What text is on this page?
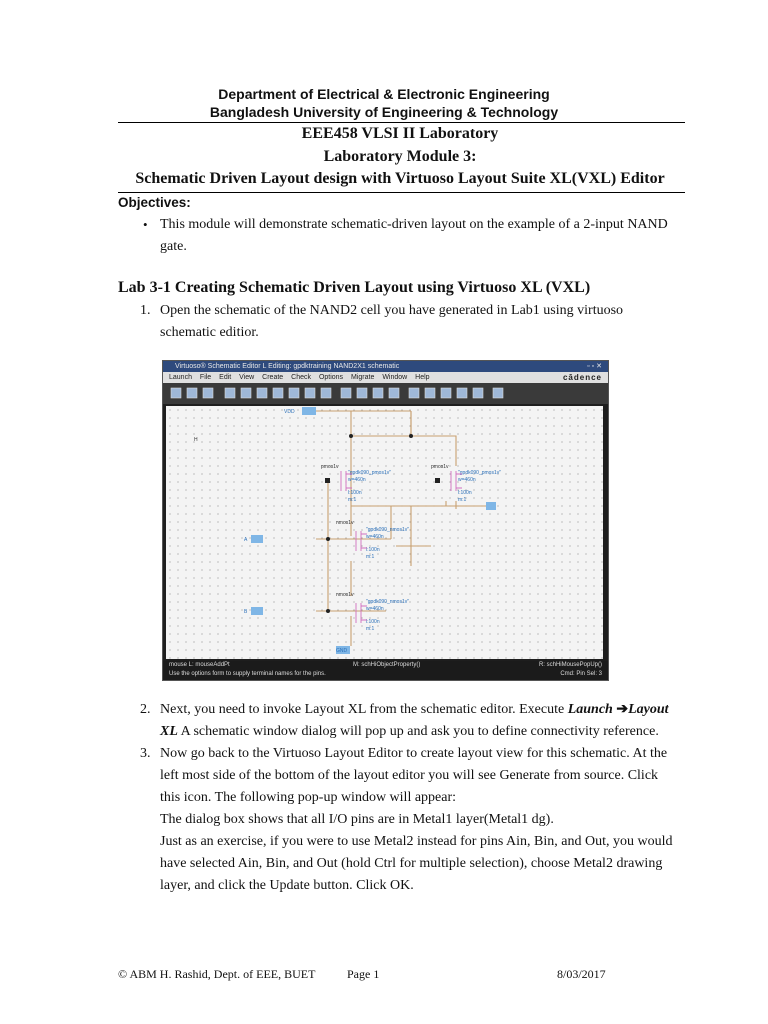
Department of Electrical & Electronic Engineering
Bangladesh University of Engineering & Technology
EEE458 VLSI II Laboratory
Laboratory Module 3:
Schematic Driven Layout design with Virtuoso Layout Suite XL(VXL) Editor
Objectives:
• This module will demonstrate schematic-driven layout on the example of a 2-input NAND
gate.
Lab 3-1 Creating Schematic Driven Layout using Virtuoso XL (VXL)
1. Open the schematic of the NAND2 cell you have generated in Lab1 using virtuoso
schematic editior.
Virtuoso® Schematic Editor L Editing: gpdktraining NAND2X1 schematic	▫▫✕
Launch File Edit View Create Check Options Migrate Window Help	cādence
VDD
GND
A
B
pmos1v	pmos1v
nmos1v
nmos1v
"gpdk090_pmos1v"
w=460n
l:100n
m:1
"gpdk090_pmos1v"
w=460n
l:100n
m:1
"gpdk090_nmos1v"
w=460n
l:100n
m:1
"gpdk090_nmos1v"
w=460n
l:100n
m:1
H
mouse L: mouseAddPt	M: schHiObjectProperty()	R: schHiMousePopUp()
Use the options form to supply terminal names for the pins.	Cmd: Pin Sel: 3
2. Next, you need to invoke Layout XL from the schematic editor. Execute Launch ➔Layout
XL A schematic window dialog will pop up and ask you to define connectivity reference.
3. Now go back to the Virtuoso Layout Editor to create layout view for this schematic. At the
left most side of the bottom of the layout editor you will see Generate from source. Click
this icon. The following pop-up window will appear:
The dialog box shows that all I/O pins are in Metal1 layer(Metal1 dg).
Just as an exercise, if you were to use Metal2 instead for pins Ain, Bin, and Out, you would
have selected Ain, Bin, and Out (hold Ctrl for multiple selection), choose Metal2 drawing
layer, and click the Update button. Click OK.
© ABM H. Rashid, Dept. of EEE, BUET	Page 1	8/03/2017
